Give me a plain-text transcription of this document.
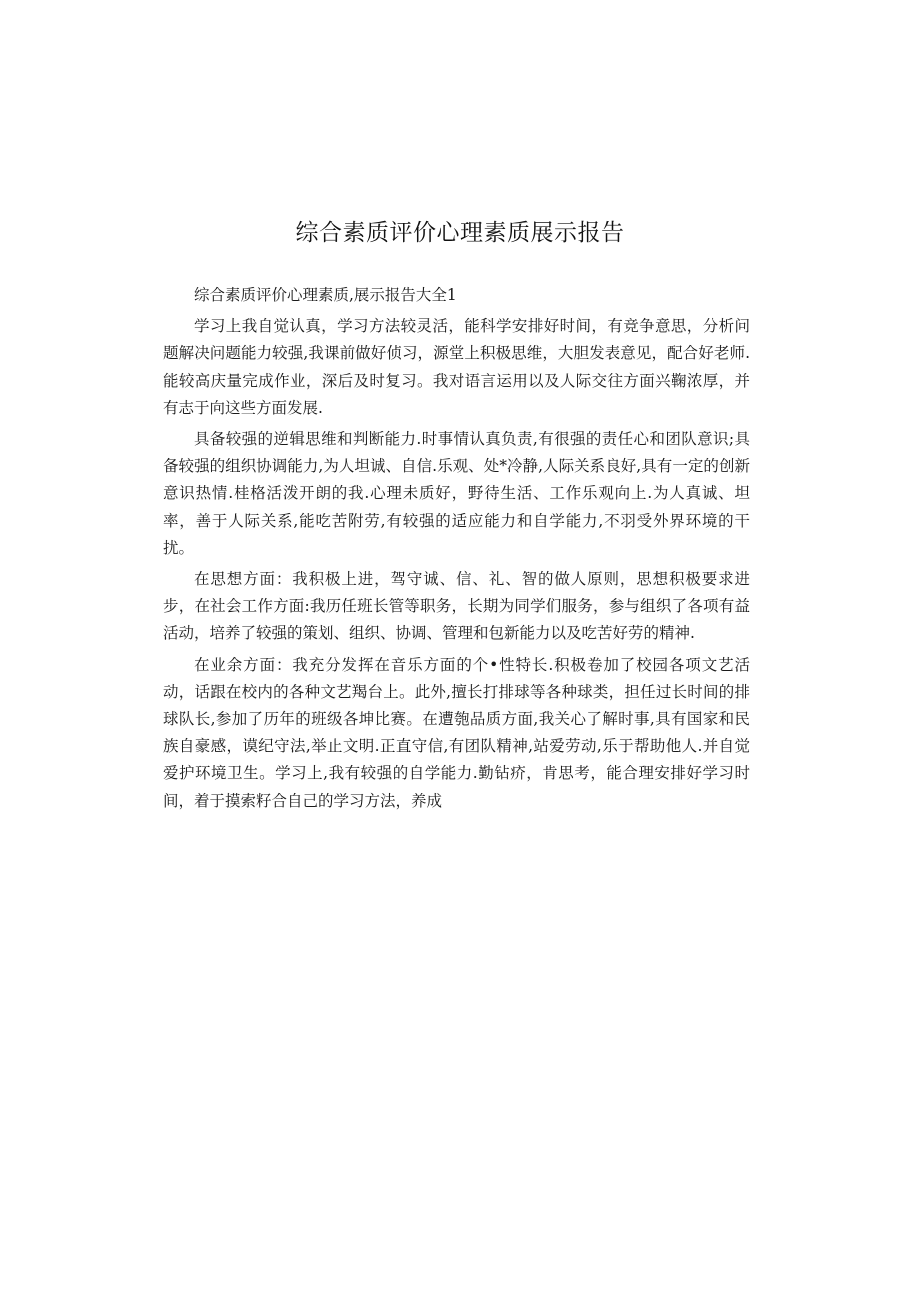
综合素质评价心理素质展示报告

综合素质评价心理素质,展示报告大全1

学习上我自觉认真，学习方法较灵活，能科学安排好时间，有竞争意思，分析问题解决问题能力较强,我课前做好侦习，源堂上积极思维，大胆发表意见，配合好老师.能较高庆量完成作业，深后及时复习。我对语言运用以及人际交往方面兴鞠浓厚，并有志于向这些方面发展.

具备较强的逆辑思维和判断能力.时事情认真负责,有很强的责任心和团队意识;具备较强的组织协调能力,为人坦诚、自信.乐观、处*冷静,人际关系良好,具有一定的创新意识热情.桂格活泼开朗的我.心理未质好，野待生活、工作乐观向上.为人真诚、坦率，善于人际关系,能吃苦附劳,有较强的适应能力和自学能力,不羽受外界环境的干扰。

在思想方面：我积极上进，驾守诚、信、礼、智的做人原则，思想积极要求进步，在社会工作方面:我历任班长管等职务，长期为同学们服务，参与组织了各项有益活动，培养了较强的策划、组织、协调、管理和包新能力以及吃苦好劳的精神.

在业余方面：我充分发挥在音乐方面的个•性特长.积极卷加了校园各项文艺活动，话跟在校内的各种文艺羯台上。此外,擅长打排球等各种球类，担任过长时间的排球队长,参加了历年的班级各坤比赛。在遭匏品质方面,我关心了解时事,具有国家和民族自豪感，谟纪守法,举止文明.正直守信,有团队精神,站爱劳动,乐于帮助他人.并自觉爱护环境卫生。学习上,我有较强的自学能力.勤钻疥，肯思考，能合理安排好学习时间，着于摸索籽合自己的学习方法，养成
